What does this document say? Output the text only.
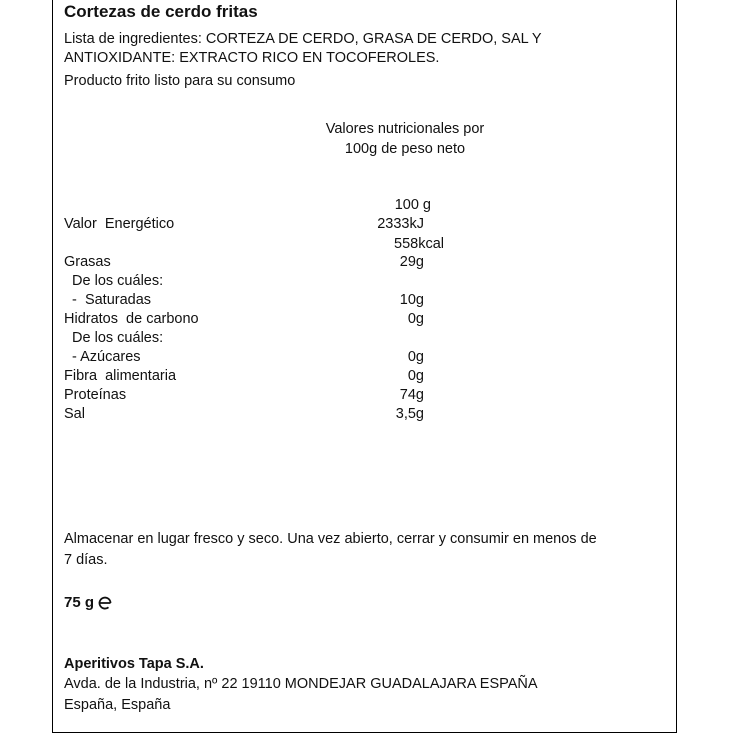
Cortezas de cerdo fritas
Lista de ingredientes: CORTEZA DE CERDO, GRASA DE CERDO, SAL Y
ANTIOXIDANTE: EXTRACTO RICO EN TOCOFEROLES.
Producto frito listo para su consumo
Valores nutricionales por
100g de peso neto
100 g
Valor  Energético	2333kJ
558kcal
Grasas	29g
De los cuáles:
-  Saturadas	10g
Hidratos  de carbono	0g
De los cuáles:
- Azúcares	0g
Fibra  alimentaria	0g
Proteínas	74g
Sal	3,5g
Almacenar en lugar fresco y seco. Una vez abierto, cerrar y consumir en menos de
7 días.
75 g
Aperitivos Tapa S.A.
Avda. de la Industria, nº 22 19110 MONDEJAR GUADALAJARA ESPAÑA
España, España
